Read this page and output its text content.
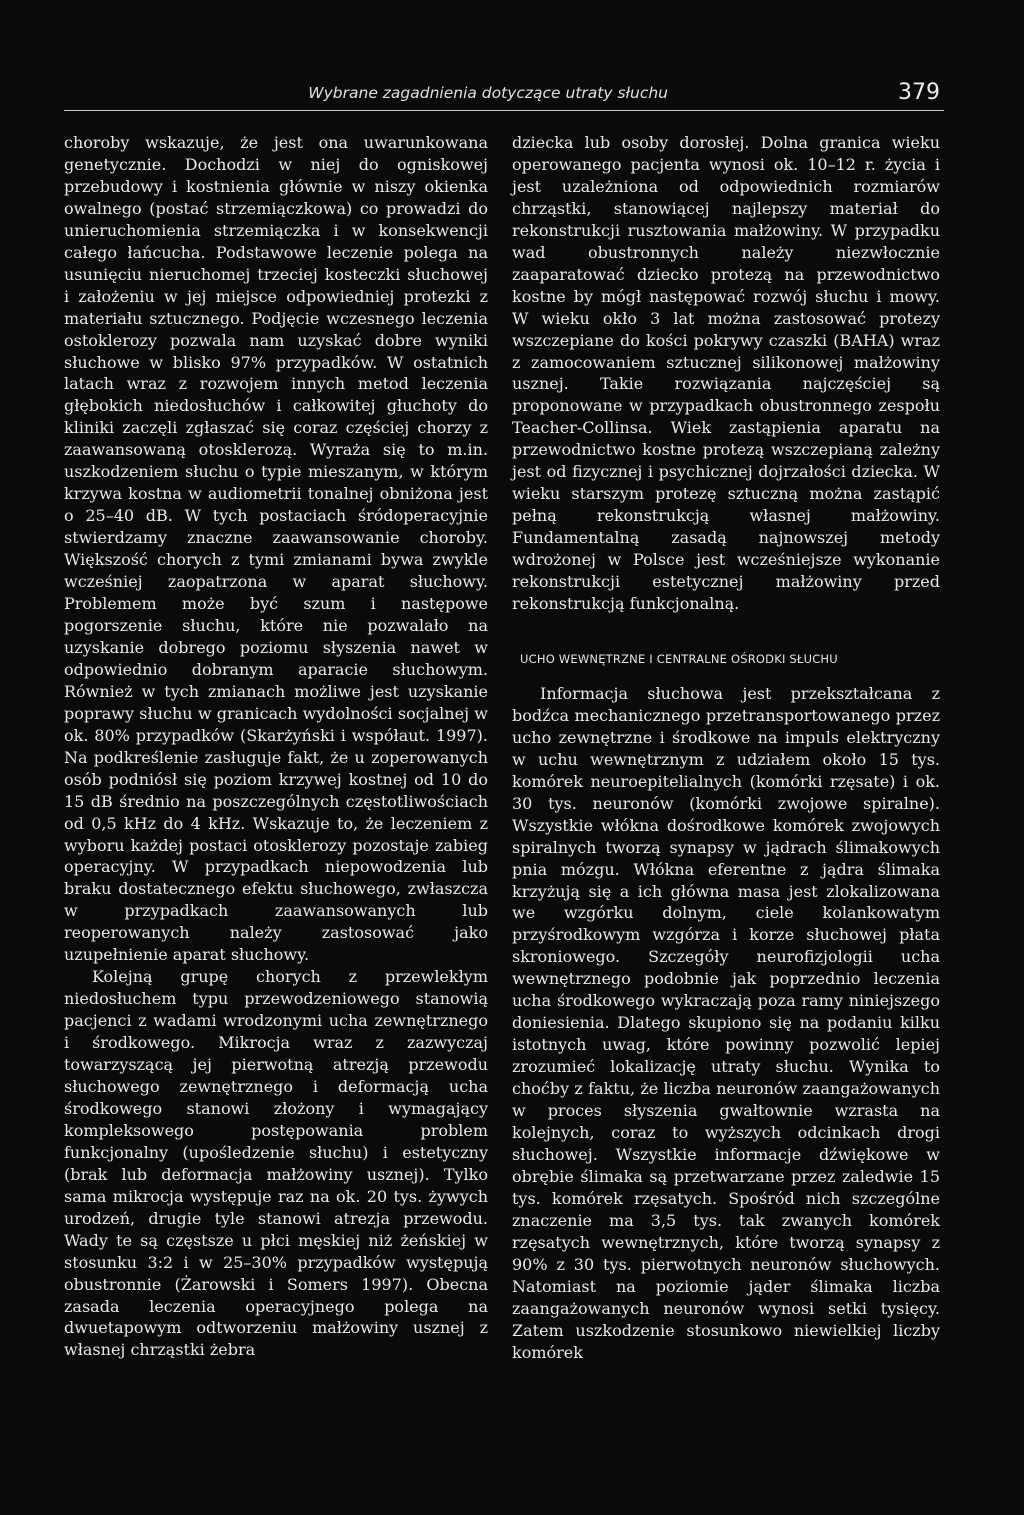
Wybrane zagadnienia dotyczące utraty słuchu	379

choroby wskazuje, że jest ona uwarunkowana genetycznie. Dochodzi w niej do ogniskowej przebudowy i kostnienia głównie w niszy okienka owalnego (postać strzemiączkowa) co prowadzi do unieruchomienia strzemiączka i w konsekwencji całego łańcucha. Podstawowe leczenie polega na usunięciu nieruchomej trzeciej kosteczki słuchowej i założeniu w jej miejsce odpowiedniej protezki z materiału sztucznego. Podjęcie wczesnego leczenia ostoklerozy pozwala nam uzyskać dobre wyniki słuchowe w blisko 97% przypadków. W ostatnich latach wraz z rozwojem innych metod leczenia głębokich niedosłuchów i całkowitej głuchoty do kliniki zaczęli zgłaszać się coraz częściej chorzy z zaawansowaną otosklerozą. Wyraża się to m.in. uszkodzeniem słuchu o typie mieszanym, w którym krzywa kostna w audiometrii tonalnej obniżona jest o 25–40 dB. W tych postaciach śródoperacyjnie stwierdzamy znaczne zaawansowanie choroby. Większość chorych z tymi zmianami bywa zwykle wcześniej zaopatrzona w aparat słuchowy. Problemem może być szum i następowe pogorszenie słuchu, które nie pozwalało na uzyskanie dobrego poziomu słyszenia nawet w odpowiednio dobranym aparacie słuchowym. Również w tych zmianach możliwe jest uzyskanie poprawy słuchu w granicach wydolności socjalnej w ok. 80% przypadków (Skarżyński i współaut. 1997). Na podkreślenie zasługuje fakt, że u zoperowanych osób podniósł się poziom krzywej kostnej od 10 do 15 dB średnio na poszczególnych częstotliwościach od 0,5 kHz do 4 kHz. Wskazuje to, że leczeniem z wyboru każdej postaci otosklerozy pozostaje zabieg operacyjny. W przypadkach niepowodzenia lub braku dostatecznego efektu słuchowego, zwłaszcza w przypadkach zaawansowanych lub reoperowanych należy zastosować jako uzupełnienie aparat słuchowy.

Kolejną grupę chorych z przewlekłym niedosłuchem typu przewodzeniowego stanowią pacjenci z wadami wrodzonymi ucha zewnętrznego i środkowego. Mikrocja wraz z zazwyczaj towarzyszącą jej pierwotną atrezją przewodu słuchowego zewnętrznego i deformacją ucha środkowego stanowi złożony i wymagający kompleksowego postępowania problem funkcjonalny (upośledzenie słuchu) i estetyczny (brak lub deformacja małżowiny usznej). Tylko sama mikrocja występuje raz na ok. 20 tys. żywych urodzeń, drugie tyle stanowi atrezja przewodu. Wady te są częstsze u płci męskiej niż żeńskiej w stosunku 3:2 i w 25–30% przypadków występują obustronnie (Żarowski i Somers 1997). Obecna zasada leczenia operacyjnego polega na dwuetapowym odtworzeniu małżowiny usznej z własnej chrząstki żebra

dziecka lub osoby dorosłej. Dolna granica wieku operowanego pacjenta wynosi ok. 10–12 r. życia i jest uzależniona od odpowiednich rozmiarów chrząstki, stanowiącej najlepszy materiał do rekonstrukcji rusztowania małżowiny. W przypadku wad obustronnych należy niezwłocznie zaaparatować dziecko protezą na przewodnictwo kostne by mógł następować rozwój słuchu i mowy. W wieku okło 3 lat można zastosować protezy wszczepiane do kości pokrywy czaszki (BAHA) wraz z zamocowaniem sztucznej silikonowej małżowiny usznej. Takie rozwiązania najczęściej są proponowane w przypadkach obustronnego zespołu Teacher-Collinsa. Wiek zastąpienia aparatu na przewodnictwo kostne protezą wszczepianą zależny jest od fizycznej i psychicznej dojrzałości dziecka. W wieku starszym protezę sztuczną można zastąpić pełną rekonstrukcją własnej małżowiny. Fundamentalną zasadą najnowszej metody wdrożonej w Polsce jest wcześniejsze wykonanie rekonstrukcji estetycznej małżowiny przed rekonstrukcją funkcjonalną.

UCHO WEWNĘTRZNE I CENTRALNE OŚRODKI SŁUCHU

Informacja słuchowa jest przekształcana z bodźca mechanicznego przetransportowanego przez ucho zewnętrzne i środkowe na impuls elektryczny w uchu wewnętrznym z udziałem około 15 tys. komórek neuroepitelialnych (komórki rzęsate) i ok. 30 tys. neuronów (komórki zwojowe spiralne). Wszystkie włókna dośrodkowe komórek zwojowych spiralnych tworzą synapsy w jądrach ślimakowych pnia mózgu. Włókna eferentne z jądra ślimaka krzyżują się a ich główna masa jest zlokalizowana we wzgórku dolnym, ciele kolankowatym przyśrodkowym wzgórza i korze słuchowej płata skroniowego. Szczegóły neurofizjologii ucha wewnętrznego podobnie jak poprzednio leczenia ucha środkowego wykraczają poza ramy niniejszego doniesienia. Dlatego skupiono się na podaniu kilku istotnych uwag, które powinny pozwolić lepiej zrozumieć lokalizację utraty słuchu. Wynika to choćby z faktu, że liczba neuronów zaangażowanych w proces słyszenia gwałtownie wzrasta na kolejnych, coraz to wyższych odcinkach drogi słuchowej. Wszystkie informacje dźwiękowe w obrębie ślimaka są przetwarzane przez zaledwie 15 tys. komórek rzęsatych. Spośród nich szczególne znaczenie ma 3,5 tys. tak zwanych komórek rzęsatych wewnętrznych, które tworzą synapsy z 90% z 30 tys. pierwotnych neuronów słuchowych. Natomiast na poziomie jąder ślimaka liczba zaangażowanych neuronów wynosi setki tysięcy. Zatem uszkodzenie stosunkowo niewielkiej liczby komórek
